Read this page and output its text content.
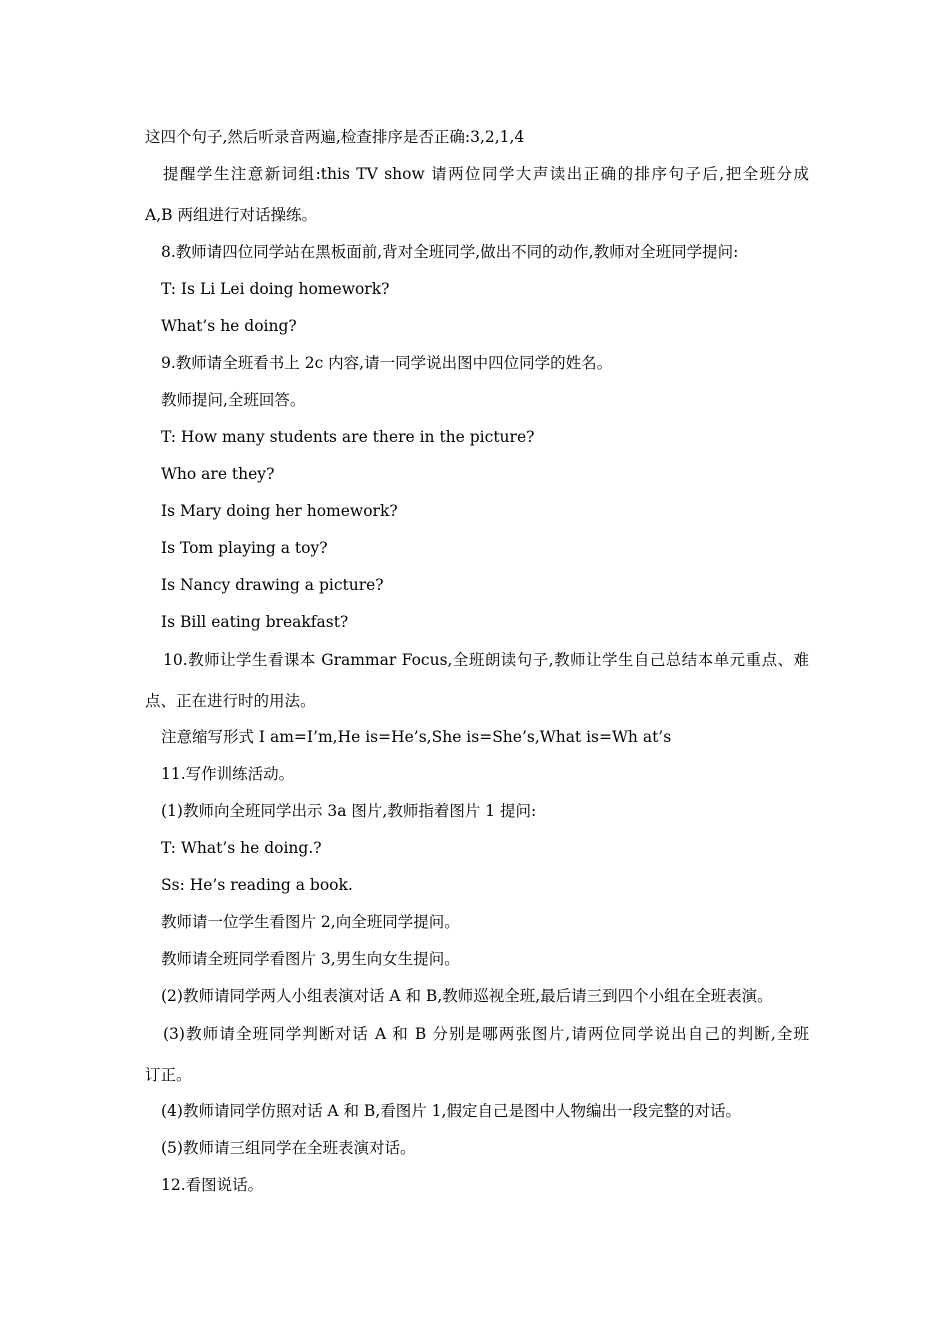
这四个句子,然后听录音两遍,检查排序是否正确:3,2,1,4
提醒学生注意新词组:this TV show 请两位同学大声读出正确的排序句子后,把全班分成
A,B 两组进行对话操练。
8.教师请四位同学站在黑板面前,背对全班同学,做出不同的动作,教师对全班同学提问:
T: Is Li Lei doing homework?
What’s he doing?
9.教师请全班看书上 2c 内容,请一同学说出图中四位同学的姓名。
教师提问,全班回答。
T: How many students are there in the picture?
Who are they?
Is Mary doing her homework?
Is Tom playing a toy?
Is Nancy drawing a picture?
Is Bill eating breakfast?
10.教师让学生看课本 Grammar Focus,全班朗读句子,教师让学生自己总结本单元重点、难
点、正在进行时的用法。
注意缩写形式 I am=I’m,He is=He’s,She is=She’s,What is=Wh at’s
11.写作训练活动。
(1)教师向全班同学出示 3a 图片,教师指着图片 1 提问:
T: What’s he doing.?
Ss: He’s reading a book.
教师请一位学生看图片 2,向全班同学提问。
教师请全班同学看图片 3,男生向女生提问。
(2)教师请同学两人小组表演对话 A 和 B,教师巡视全班,最后请三到四个小组在全班表演。
(3)教师请全班同学判断对话 A 和 B 分别是哪两张图片,请两位同学说出自己的判断,全班
订正。
(4)教师请同学仿照对话 A 和 B,看图片 1,假定自己是图中人物编出一段完整的对话。
(5)教师请三组同学在全班表演对话。
12.看图说话。
